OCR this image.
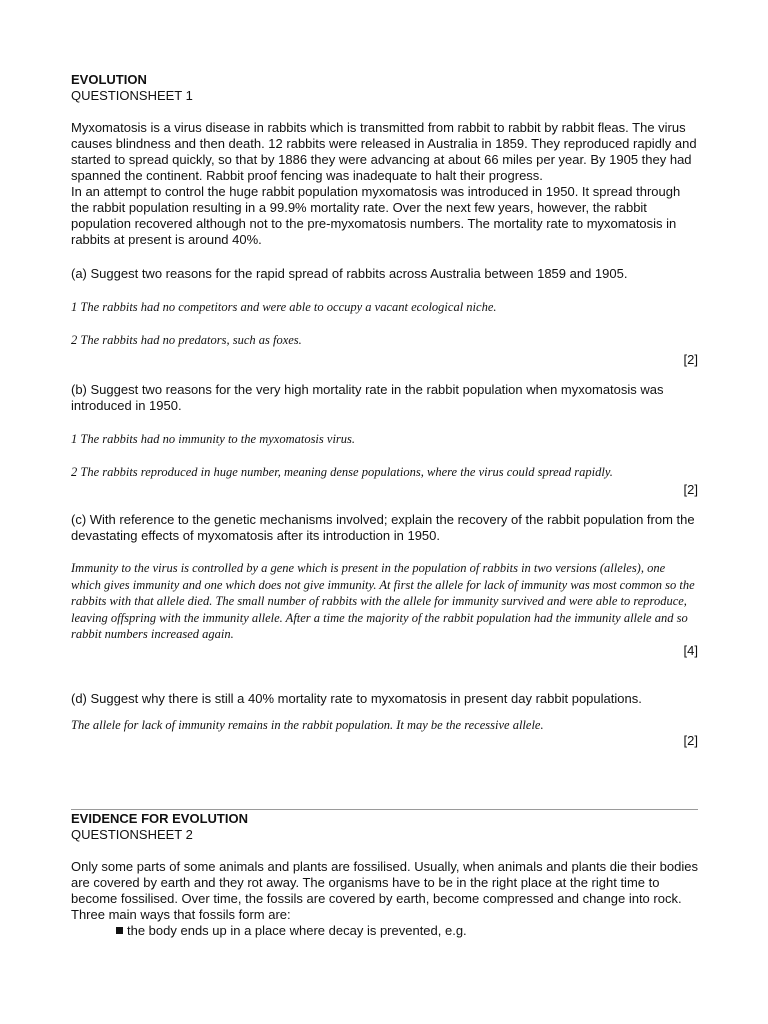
EVOLUTION

QUESTIONSHEET 1

Myxomatosis is a virus disease in rabbits which is transmitted from rabbit to rabbit by rabbit fleas. The virus causes blindness and then death. 12 rabbits were released in Australia in 1859. They reproduced rapidly and started to spread quickly, so that by 1886 they were advancing at about 66 miles per year. By 1905 they had spanned the continent. Rabbit proof fencing was inadequate to halt their progress.

In an attempt to control the huge rabbit population myxomatosis was introduced in 1950. It spread through the rabbit population resulting in a 99.9% mortality rate. Over the next few years, however, the rabbit population recovered although not to the pre-myxomatosis numbers. The mortality rate to myxomatosis in rabbits at present is around 40%.

(a) Suggest two reasons for the rapid spread of rabbits across Australia between 1859 and 1905.

1 The rabbits had no competitors and were able to occupy a vacant ecological niche.

2 The rabbits had no predators, such as foxes.

[2]

(b) Suggest two reasons for the very high mortality rate in the rabbit population when myxomatosis was introduced in 1950.

1 The rabbits had no immunity to the myxomatosis virus.

2 The rabbits reproduced in huge number, meaning dense populations, where the virus could spread rapidly.

[2]

(c) With reference to the genetic mechanisms involved; explain the recovery of the rabbit population from the devastating effects of myxomatosis after its introduction in 1950.

Immunity to the virus is controlled by a gene which is present in the population of rabbits in two versions (alleles), one which gives immunity and one which does not give immunity. At first the allele for lack of immunity was most common so the rabbits with that allele died. The small number of rabbits with the allele for immunity survived and were able to reproduce, leaving offspring with the immunity allele. After a time the majority of the rabbit population had the immunity allele and so rabbit numbers increased again.

[4]

(d) Suggest why there is still a 40% mortality rate to myxomatosis in present day rabbit populations.

The allele for lack of immunity remains in the rabbit population. It may be the recessive allele.

[2]

EVIDENCE FOR EVOLUTION

QUESTIONSHEET 2

Only some parts of some animals and plants are fossilised. Usually, when animals and plants die their bodies are covered by earth and they rot away. The organisms have to be in the right place at the right time to become fossilised. Over time, the fossils are covered by earth, become compressed and change into rock. Three main ways that fossils form are:

the body ends up in a place where decay is prevented, e.g.
